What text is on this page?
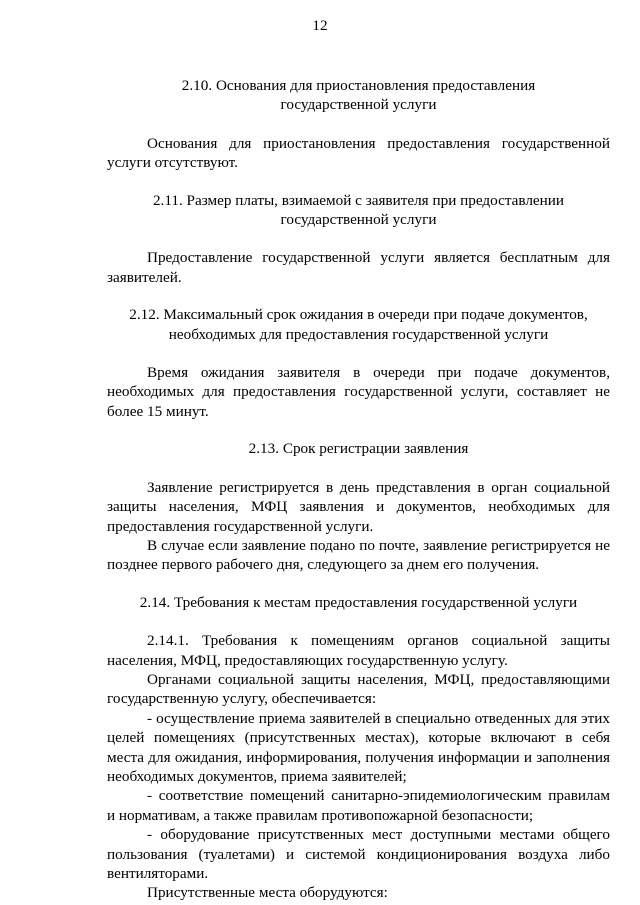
12
2.10. Основания для приостановления предоставления
государственной услуги

Основания для приостановления предоставления государственной услуги отсутствуют.

2.11. Размер платы, взимаемой с заявителя при предоставлении
государственной услуги

Предоставление государственной услуги является бесплатным для заявителей.

2.12. Максимальный срок ожидания в очереди при подаче документов,
необходимых для предоставления государственной услуги

Время ожидания заявителя в очереди при подаче документов, необходимых для предоставления государственной услуги, составляет не более 15 минут.

2.13. Срок регистрации заявления

Заявление регистрируется в день представления в орган социальной защиты населения, МФЦ заявления и документов, необходимых для предоставления государственной услуги.

В случае если заявление подано по почте, заявление регистрируется не позднее первого рабочего дня, следующего за днем его получения.

2.14. Требования к местам предоставления государственной услуги

2.14.1. Требования к помещениям органов социальной защиты населения, МФЦ, предоставляющих государственную услугу.

Органами социальной защиты населения, МФЦ, предоставляющими государственную услугу, обеспечивается:

- осуществление приема заявителей в специально отведенных для этих целей помещениях (присутственных местах), которые включают в себя места для ожидания, информирования, получения информации и заполнения необходимых документов, приема заявителей;

- соответствие помещений санитарно-эпидемиологическим правилам и нормативам, а также правилам противопожарной безопасности;

- оборудование присутственных мест доступными местами общего пользования (туалетами) и системой кондиционирования воздуха либо вентиляторами.

Присутственные места оборудуются:
